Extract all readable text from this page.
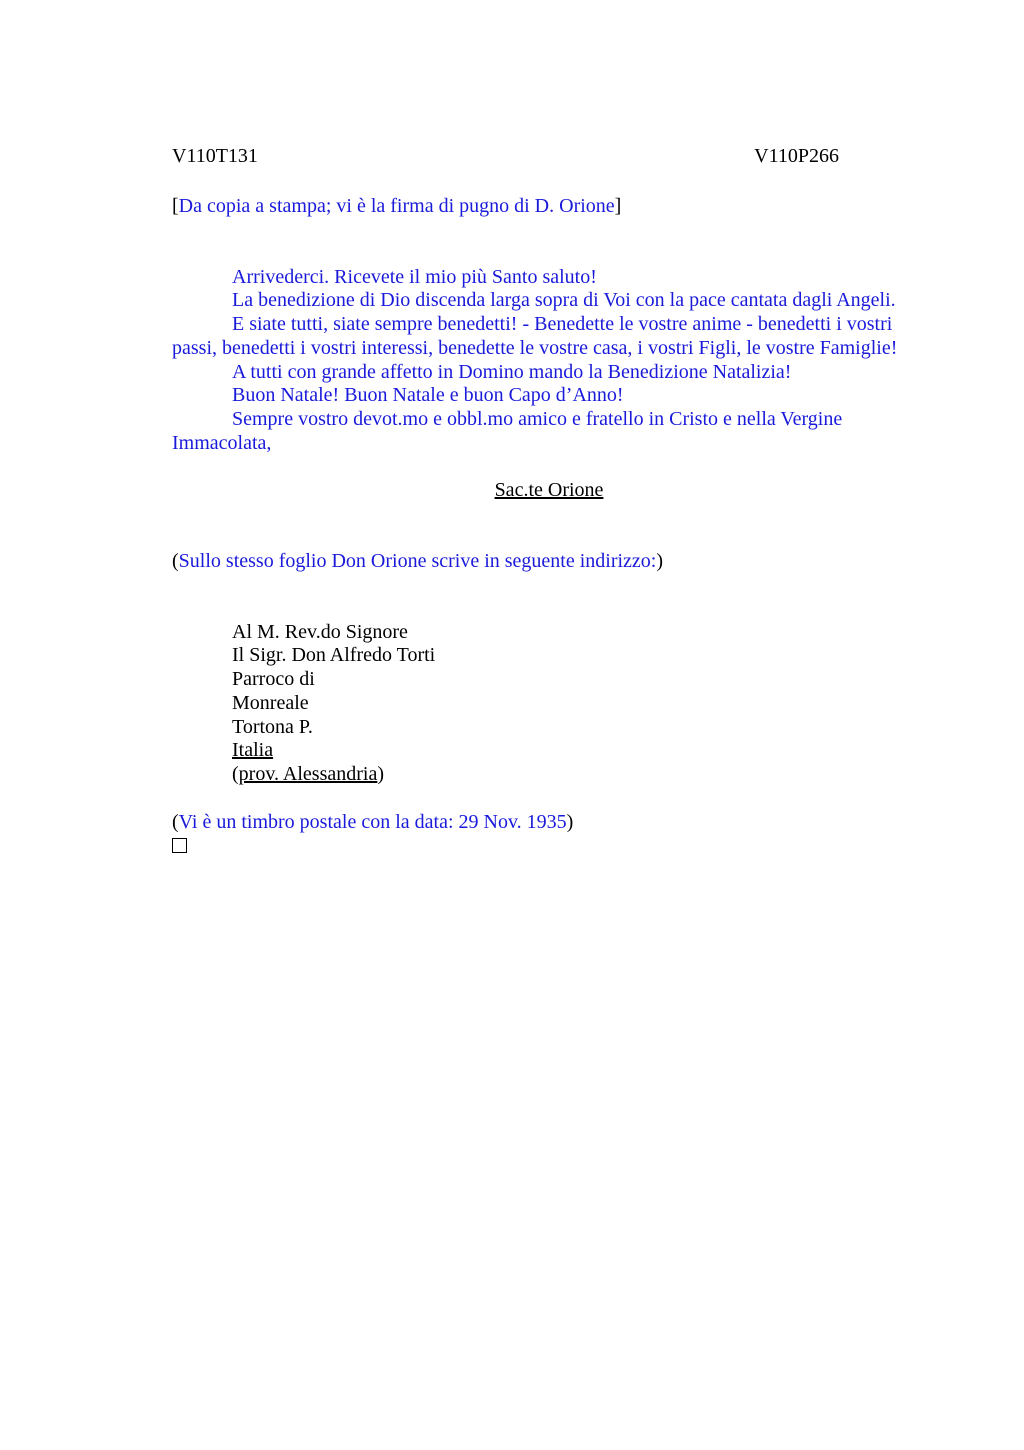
V110T131	V110P266

[Da copia a stampa; vi è la firma di pugno di D. Orione]

Arrivederci. Ricevete il mio più Santo saluto!

La benedizione di Dio discenda larga sopra di Voi con la pace cantata dagli Angeli.

E siate tutti, siate sempre benedetti! - Benedette le vostre anime - benedetti i vostri passi, benedetti i vostri interessi, benedette le vostre casa, i vostri Figli, le vostre Famiglie!

A tutti con grande affetto in Domino mando la Benedizione Natalizia!

Buon Natale! Buon Natale e buon Capo d’Anno!

Sempre vostro devot.mo e obbl.mo amico e fratello in Cristo e nella Vergine Immacolata,

Sac.te Orione

(Sullo stesso foglio Don Orione scrive in seguente indirizzo:)

Al M. Rev.do Signore

Il Sigr. Don Alfredo Torti

Parroco di

Monreale

Tortona P.

Italia

(prov. Alessandria)

(Vi è un timbro postale con la data: 29 Nov. 1935)
